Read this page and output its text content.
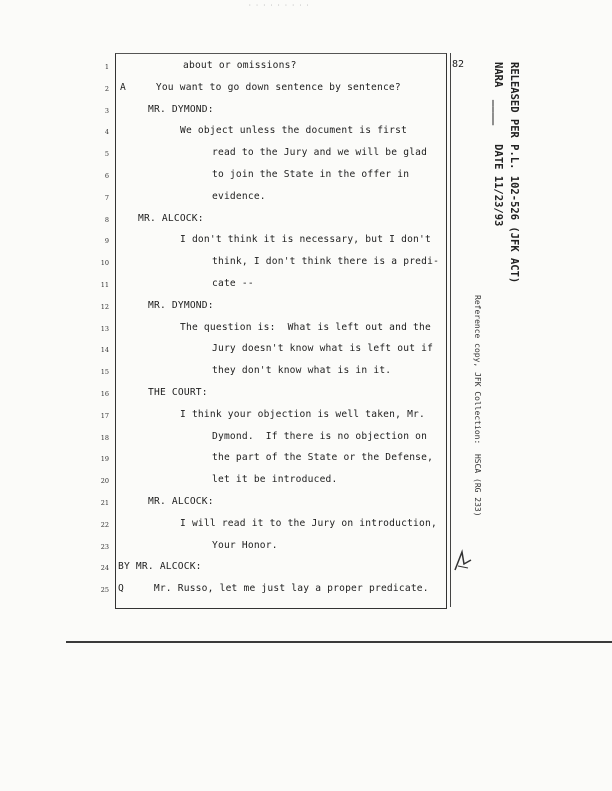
· · · · · · · · ·
82
1	about or omissions?
2 A     You want to go down sentence by sentence?
3	MR. DYMOND:
4	We object unless the document is first
5	read to the Jury and we will be glad
6	to join the State in the offer in
7	evidence.
8	MR. ALCOCK:
9	I don't think it is necessary, but I don't
10	think, I don't think there is a predi-
11	cate --
12	MR. DYMOND:
13	The question is:  What is left out and the
14	Jury doesn't know what is left out if
15	they don't know what is in it.
16	THE COURT:
17	I think your objection is well taken, Mr.
18	Dymond.  If there is no objection on
19	the part of the State or the Defense,
20	let it be introduced.
21	MR. ALCOCK:
22	I will read it to the Jury on introduction,
23	Your Honor.
24 BY MR. ALCOCK:
25 Q     Mr. Russo, let me just lay a proper predicate.
RELEASED PER P.L. 102-526 (JFK ACT)
NARA  ____   DATE 11/23/93
Reference copy, JFK Collection:  HSCA (RG 233)
